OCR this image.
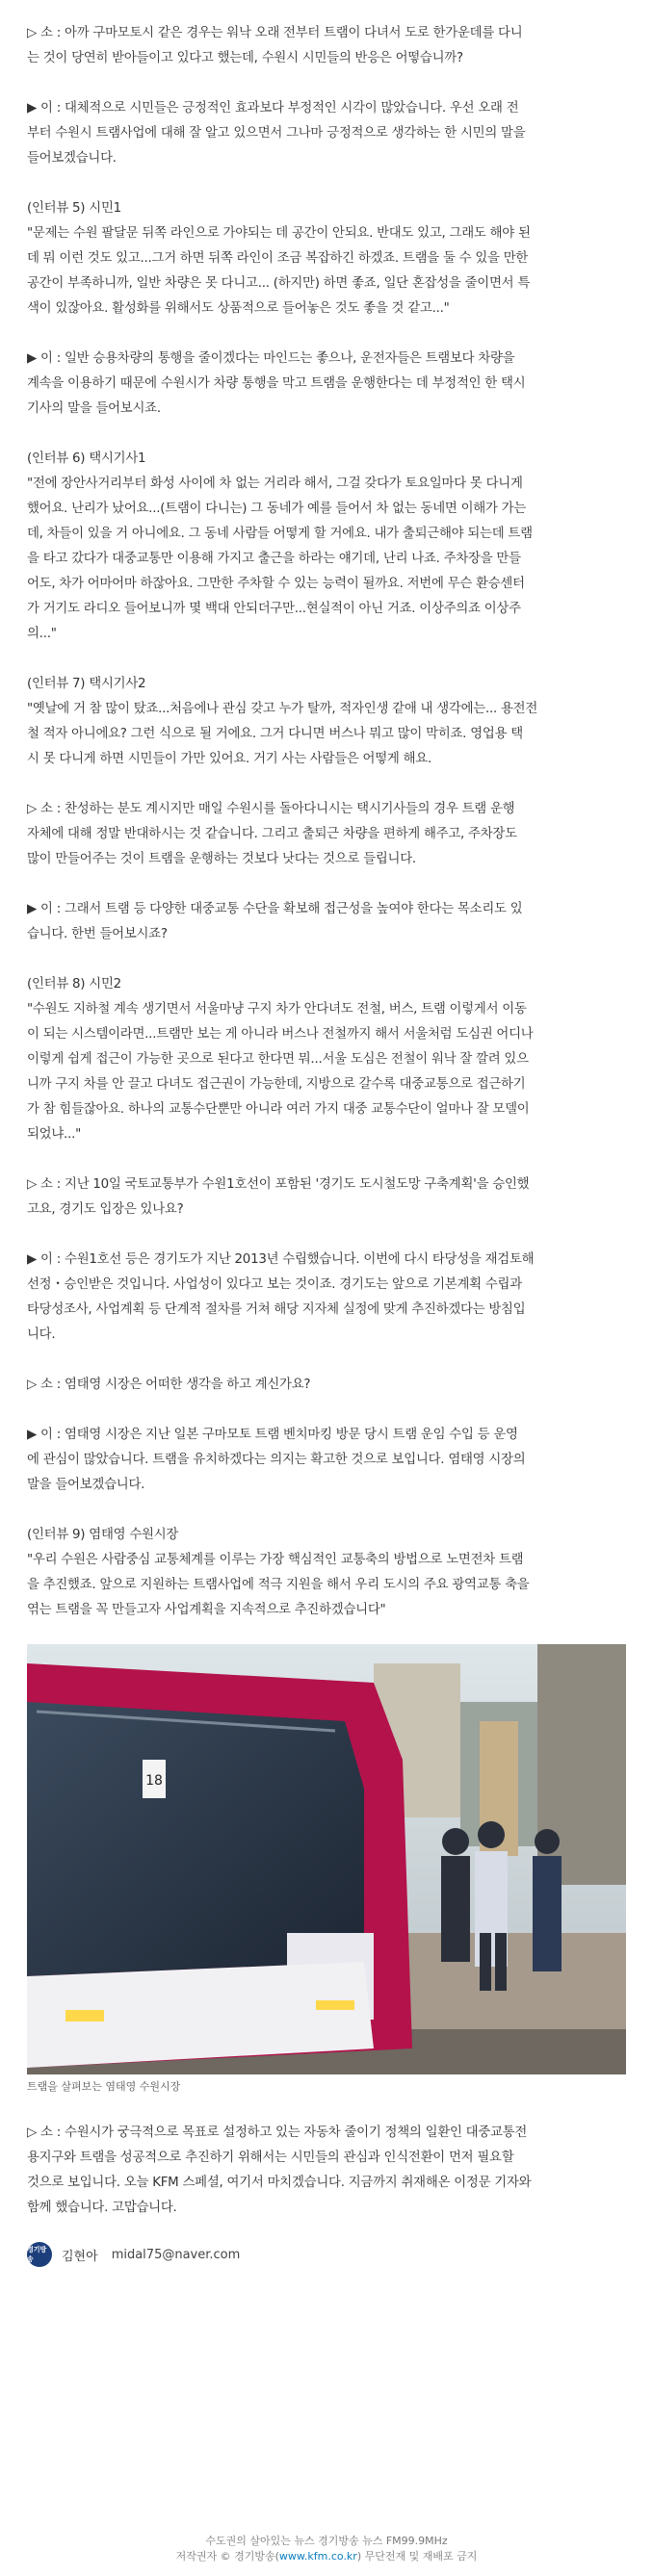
▷ 소 : 아까 구마모토시 같은 경우는 워낙 오래 전부터 트램이 다녀서 도로 한가운데를 다니
는 것이 당연히 받아들이고 있다고 했는데, 수원시 시민들의 반응은 어떻습니까?

▶ 이 : 대체적으로 시민들은 긍정적인 효과보다 부정적인 시각이 많았습니다. 우선 오래 전
부터 수원시 트램사업에 대해 잘 알고 있으면서 그나마 긍정적으로 생각하는 한 시민의 말을
들어보겠습니다.

(인터뷰 5) 시민1
"문제는 수원 팔달문 뒤쪽 라인으로 가야되는 데 공간이 안되요. 반대도 있고, 그래도 해야 된
데 뭐 이런 것도 있고...그거 하면 뒤쪽 라인이 조금 복잡하긴 하겠죠. 트램을 둘 수 있을 만한
공간이 부족하니까, 일반 차량은 못 다니고... (하지만) 하면 좋죠, 일단 혼잡성을 줄이면서 특
색이 있잖아요. 활성화를 위해서도 상품적으로 들어놓은 것도 좋을 것 같고..."

▶ 이 : 일반 승용차량의 통행을 줄이겠다는 마인드는 좋으나, 운전자들은 트램보다 차량을
계속을 이용하기 때문에 수원시가 차량 통행을 막고 트램을 운행한다는 데 부정적인 한 택시
기사의 말을 들어보시죠.

(인터뷰 6) 택시기사1
"전에 장안사거리부터 화성 사이에 차 없는 거리라 해서, 그걸 갖다가 토요일마다 못 다니게
했어요. 난리가 났어요...(트램이 다니는) 그 동네가 예를 들어서 차 없는 동네면 이해가 가는
데, 차들이 있을 거 아니에요. 그 동네 사람들 어떻게 할 거에요. 내가 출퇴근해야 되는데 트램
을 타고 갔다가 대중교통만 이용해 가지고 출근을 하라는 얘기데, 난리 나죠. 주차장을 만들
어도, 차가 어마어마 하잖아요. 그만한 주차할 수 있는 능력이 될까요. 저번에 무슨 환승센터
가 거기도 라디오 들어보니까 몇 백대 안되더구만...현실적이 아닌 거죠. 이상주의죠 이상주
의..."

(인터뷰 7) 택시기사2
"옛날에 거 참 많이 탔죠...처음에나 관심 갖고 누가 탈까, 적자인생 같애 내 생각에는... 용전전
철 적자 아니에요? 그런 식으로 될 거에요. 그거 다니면 버스나 뭐고 많이 막히죠. 영업용 택
시 못 다니게 하면 시민들이 가만 있어요. 거기 사는 사람들은 어떻게 해요.

▷ 소 : 찬성하는 분도 계시지만 매일 수원시를 돌아다니시는 택시기사들의 경우 트램 운행
자체에 대해 정말 반대하시는 것 같습니다. 그리고 출퇴근 차량을 편하게 해주고, 주차장도
많이 만들어주는 것이 트램을 운행하는 것보다 낫다는 것으로 들립니다.

▶ 이 : 그래서 트램 등 다양한 대중교통 수단을 확보해 접근성을 높여야 한다는 목소리도 있
습니다. 한번 들어보시죠?

(인터뷰 8) 시민2
"수원도 지하철 계속 생기면서 서울마냥 구지 차가 안다녀도 전철, 버스, 트램 이렇게서 이동
이 되는 시스템이라면...트램만 보는 게 아니라 버스나 전철까지 해서 서울처럼 도심권 어디나
이렇게 쉽게 접근이 가능한 곳으로 된다고 한다면 뭐...서울 도심은 전철이 워낙 잘 깔려 있으
니까 구지 차를 안 끌고 다녀도 접근권이 가능한데, 지방으로 갈수록 대중교통으로 접근하기
가 참 힘들잖아요. 하나의 교통수단뿐만 아니라 여러 가지 대중 교통수단이 얼마나 잘 모델이
되었냐..."

▷ 소 : 지난 10일 국토교통부가 수원1호선이 포함된 '경기도 도시철도망 구축계획'을 승인했
고요, 경기도 입장은 있나요?

▶ 이 : 수원1호선 등은 경기도가 지난 2013년 수립했습니다. 이번에 다시 타당성을 재검토해
선정・승인받은 것입니다. 사업성이 있다고 보는 것이죠. 경기도는 앞으로 기본계획 수립과
타당성조사, 사업계획 등 단계적 절차를 거쳐 해당 지자체 실정에 맞게 추진하겠다는 방침입
니다.

▷ 소 : 염태영 시장은 어떠한 생각을 하고 계신가요?

▶ 이 : 염태영 시장은 지난 일본 구마모토 트램 벤치마킹 방문 당시 트램 운임 수입 등 운영
에 관심이 많았습니다. 트램을 유치하겠다는 의지는 확고한 것으로 보입니다. 염태영 시장의
말을 들어보겠습니다.

(인터뷰 9) 염태영 수원시장
"우리 수원은 사람중심 교통체계를 이루는 가장 핵심적인 교통축의 방법으로 노면전차 트램
을 추진했죠. 앞으로 지원하는 트램사업에 적극 지원을 해서 우리 도시의 주요 광역교통 축을
엮는 트램을 꼭 만들고자 사업계획을 지속적으로 추진하겠습니다"

18

트램을 살펴보는 염태영 수원시장

▷ 소 : 수원시가 궁극적으로 목표로 설정하고 있는 자동차 줄이기 정책의 일환인 대중교통전
용지구와 트램을 성공적으로 추진하기 위해서는 시민들의 관심과 인식전환이 먼저 필요할
것으로 보입니다. 오늘 KFM 스페셜, 여기서 마치겠습니다. 지금까지 취재해온 이정문 기자와
함께 했습니다. 고맙습니다.

경기방송	김현아 midal75@naver.com
수도권의 살아있는 뉴스 경기방송 뉴스 FM99.9MHz
저작권자 © 경기방송(www.kfm.co.kr) 무단전재 및 재배포 금지
